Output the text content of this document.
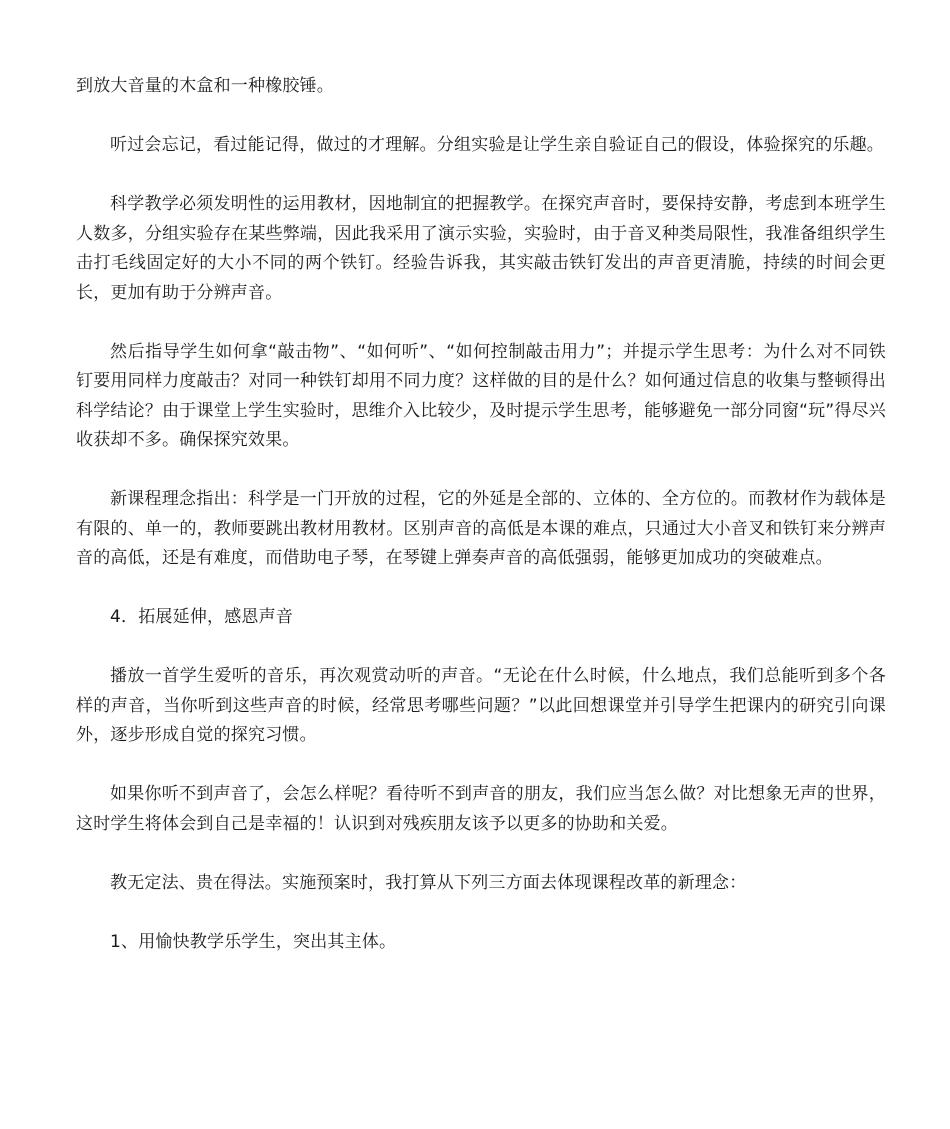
到放大音量的木盒和一种橡胶锤。

听过会忘记，看过能记得，做过的才理解。分组实验是让学生亲自验证自己的假设，体验探究的乐趣。

科学教学必须发明性的运用教材，因地制宜的把握教学。在探究声音时，要保持安静，考虑到本班学生人数多，分组实验存在某些弊端，因此我采用了演示实验，实验时，由于音叉种类局限性，我准备组织学生击打毛线固定好的大小不同的两个铁钉。经验告诉我，其实敲击铁钉发出的声音更清脆，持续的时间会更长，更加有助于分辨声音。

然后指导学生如何拿“敲击物”、“如何听”、“如何控制敲击用力”；并提示学生思考：为什么对不同铁钉要用同样力度敲击？对同一种铁钉却用不同力度？这样做的目的是什么？如何通过信息的收集与整顿得出科学结论？由于课堂上学生实验时，思维介入比较少，及时提示学生思考，能够避免一部分同窗“玩”得尽兴收获却不多。确保探究效果。

新课程理念指出：科学是一门开放的过程，它的外延是全部的、立体的、全方位的。而教材作为载体是有限的、单一的，教师要跳出教材用教材。区别声音的高低是本课的难点，只通过大小音叉和铁钉来分辨声音的高低，还是有难度，而借助电子琴，在琴键上弹奏声音的高低强弱，能够更加成功的突破难点。

4．拓展延伸，感恩声音

播放一首学生爱听的音乐，再次观赏动听的声音。“无论在什么时候，什么地点，我们总能听到多个各样的声音，当你听到这些声音的时候，经常思考哪些问题？”以此回想课堂并引导学生把课内的研究引向课外，逐步形成自觉的探究习惯。

如果你听不到声音了，会怎么样呢？看待听不到声音的朋友，我们应当怎么做？对比想象无声的世界，这时学生将体会到自己是幸福的！认识到对残疾朋友该予以更多的协助和关爱。

教无定法、贵在得法。实施预案时，我打算从下列三方面去体现课程改革的新理念：

1、用愉快教学乐学生，突出其主体。
